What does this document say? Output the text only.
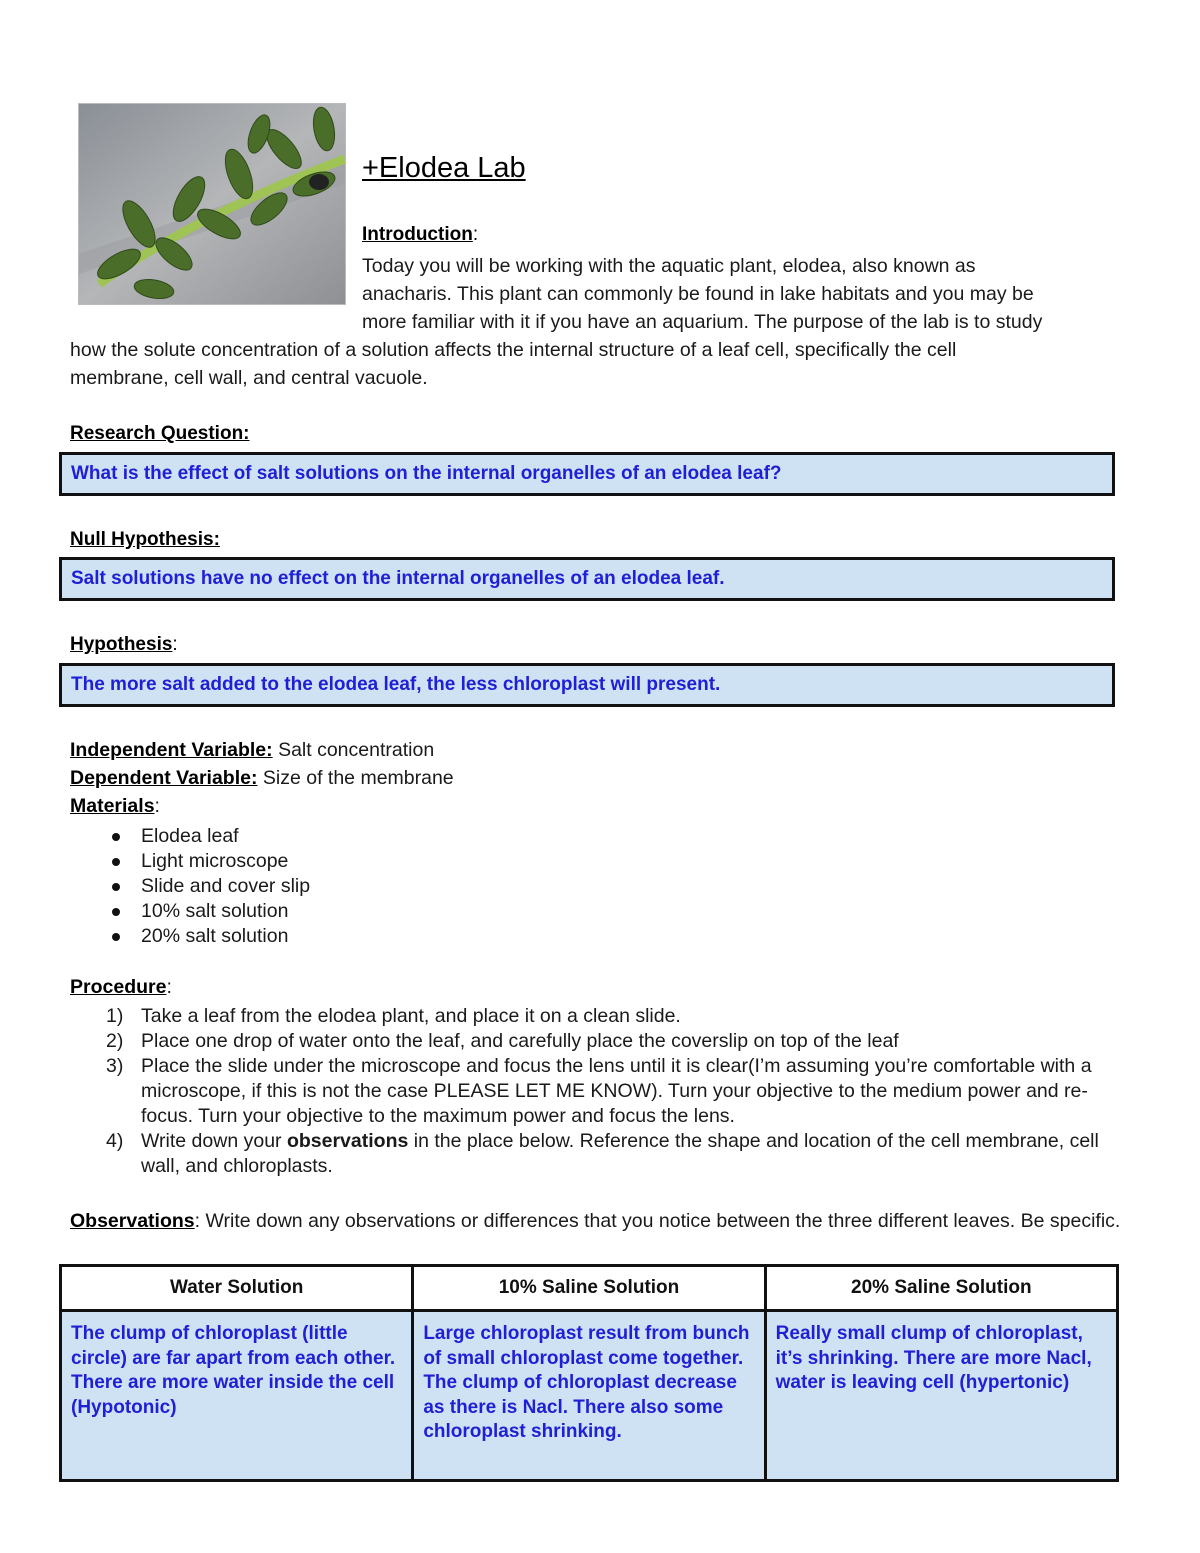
+Elodea Lab
Introduction:
Today you will be working with the aquatic plant, elodea, also known as
anacharis. This plant can commonly be found in lake habitats and you may be
more familiar with it if you have an aquarium. The purpose of the lab is to study
how the solute concentration of a solution affects the internal structure of a leaf cell, specifically the cell
membrane, cell wall, and central vacuole.
Research Question:
What is the effect of salt solutions on the internal organelles of an elodea leaf?
Null Hypothesis:
Salt solutions have no effect on the internal organelles of an elodea leaf.
Hypothesis:
The more salt added to the elodea leaf, the less chloroplast will present.
Independent Variable: Salt concentration
Dependent Variable: Size of the membrane
Materials:
Elodea leaf
Light microscope
Slide and cover slip
10% salt solution
20% salt solution
Procedure:
1) Take a leaf from the elodea plant, and place it on a clean slide.
2) Place one drop of water onto the leaf, and carefully place the coverslip on top of the leaf
3) Place the slide under the microscope and focus the lens until it is clear(I’m assuming you’re comfortable with a microscope, if this is not the case PLEASE LET ME KNOW). Turn your objective to the medium power and re-focus. Turn your objective to the maximum power and focus the lens.
4) Write down your observations in the place below. Reference the shape and location of the cell membrane, cell wall, and chloroplasts.
Observations: Write down any observations or differences that you notice between the three different leaves. Be specific.
Water Solution	10% Saline Solution	20% Saline Solution
The clump of chloroplast (little circle) are far apart from each other. There are more water inside the cell (Hypotonic)	Large chloroplast result from bunch of small chloroplast come together. The clump of chloroplast decrease as there is Nacl. There also some chloroplast shrinking.	Really small clump of chloroplast, it’s shrinking. There are more Nacl, water is leaving cell (hypertonic)
